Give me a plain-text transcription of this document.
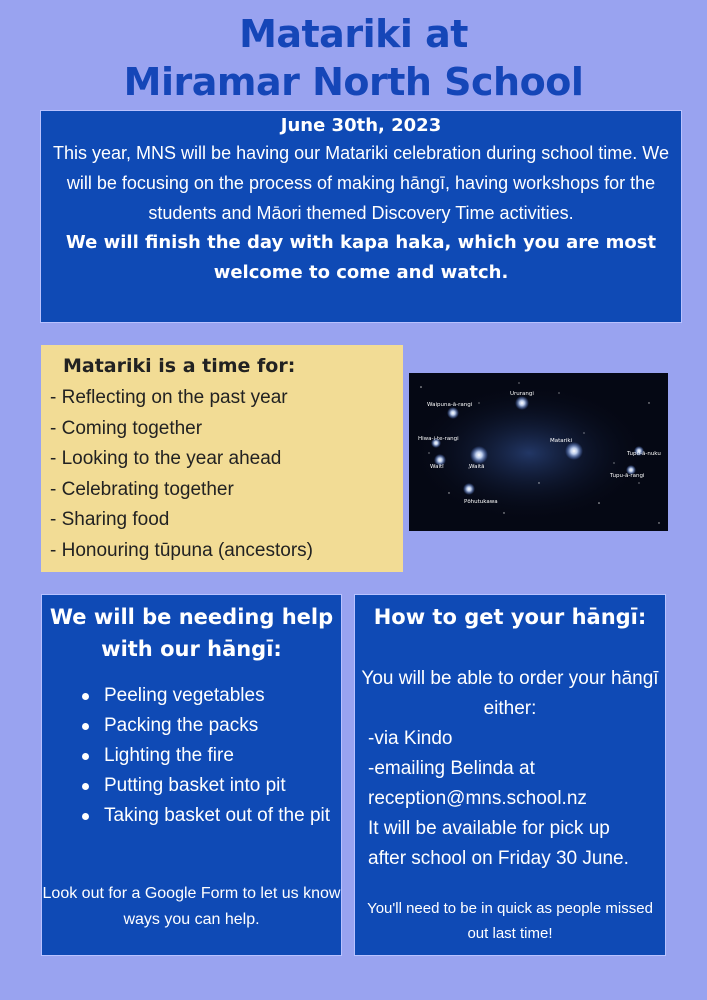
Matariki at
Miramar North School
June 30th, 2023
This year, MNS will be having our Matariki celebration during school time. We will be focusing on the process of making hāngī, having workshops for the students and Māori themed Discovery Time activities.
We will finish the day with kapa haka, which you are most welcome to come and watch.
Matariki is a time for:
- Reflecting on the past year
- Coming together
- Looking to the year ahead
- Celebrating together
- Sharing food
- Honouring tūpuna (ancestors)
Ururangi
Waipuna-ā-rangi
Hiwa-i-te-rangi	Matariki
Tupu-ā-nuku
Waitī	Waitā
Tupu-ā-rangi
Pōhutukawa
We will be needing help with our hāngī:
Peeling vegetables
Packing the packs
Lighting the fire
Putting basket into pit
Taking basket out of the pit
Look out for a Google Form to let us know ways you can help.
How to get your hāngī:
You will be able to order your hāngī either:
-via Kindo
-emailing Belinda at
reception@mns.school.nz
It will be available for pick up
after school on Friday 30 June.
You'll need to be in quick as people missed out last time!
